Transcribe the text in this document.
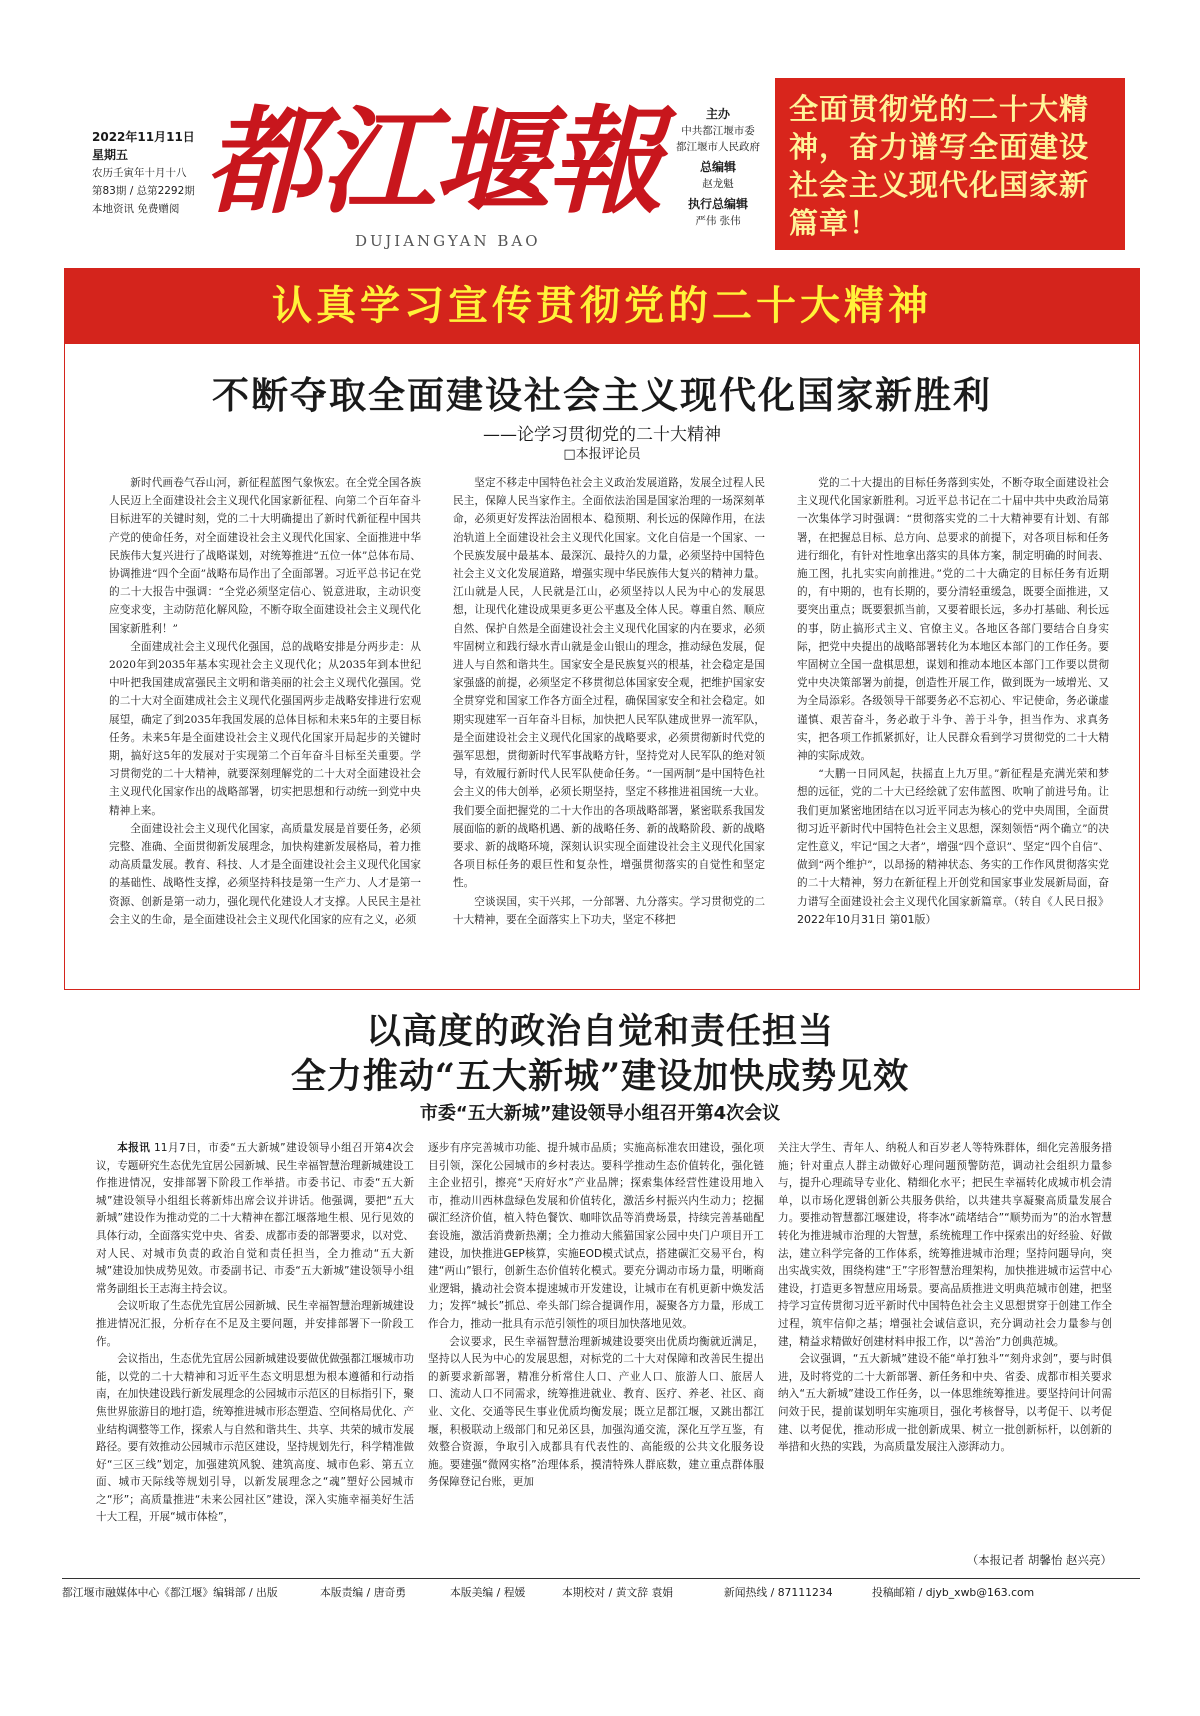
2022年11月11日
星期五
农历壬寅年十月十八
第83期 / 总第2292期
本地资讯 免费赠阅 都江堰報
DUJIANGYAN BAO
主办
中共都江堰市委
都江堰市人民政府
总编辑
赵龙魁
执行总编辑
严伟 张伟
全面贯彻党的二十大精神，奋力谱写全面建设社会主义现代化国家新篇章！
认真学习宣传贯彻党的二十大精神
不断夺取全面建设社会主义现代化国家新胜利
——论学习贯彻党的二十大精神
□本报评论员

新时代画卷气吞山河，新征程蓝图气象恢宏。在全党全国各族人民迈上全面建设社会主义现代化国家新征程、向第二个百年奋斗目标进军的关键时刻，党的二十大明确提出了新时代新征程中国共产党的使命任务，对全面建设社会主义现代化国家、全面推进中华民族伟大复兴进行了战略谋划，对统筹推进“五位一体”总体布局、协调推进“四个全面”战略布局作出了全面部署。习近平总书记在党的二十大报告中强调：“全党必须坚定信心、锐意进取，主动识变应变求变，主动防范化解风险，不断夺取全面建设社会主义现代化国家新胜利！”

全面建成社会主义现代化强国，总的战略安排是分两步走：从2020年到2035年基本实现社会主义现代化；从2035年到本世纪中叶把我国建成富强民主文明和谐美丽的社会主义现代化强国。党的二十大对全面建成社会主义现代化强国两步走战略安排进行宏观展望，确定了到2035年我国发展的总体目标和未来5年的主要目标任务。未来5年是全面建设社会主义现代化国家开局起步的关键时期，搞好这5年的发展对于实现第二个百年奋斗目标至关重要。学习贯彻党的二十大精神，就要深刻理解党的二十大对全面建设社会主义现代化国家作出的战略部署，切实把思想和行动统一到党中央精神上来。

全面建设社会主义现代化国家，高质量发展是首要任务，必须完整、准确、全面贯彻新发展理念，加快构建新发展格局，着力推动高质量发展。教育、科技、人才是全面建设社会主义现代化国家的基础性、战略性支撑，必须坚持科技是第一生产力、人才是第一资源、创新是第一动力，强化现代化建设人才支撑。人民民主是社会主义的生命，是全面建设社会主义现代化国家的应有之义，必须

坚定不移走中国特色社会主义政治发展道路，发展全过程人民民主，保障人民当家作主。全面依法治国是国家治理的一场深刻革命，必须更好发挥法治固根本、稳预期、利长远的保障作用，在法治轨道上全面建设社会主义现代化国家。文化自信是一个国家、一个民族发展中最基本、最深沉、最持久的力量，必须坚持中国特色社会主义文化发展道路，增强实现中华民族伟大复兴的精神力量。江山就是人民，人民就是江山，必须坚持以人民为中心的发展思想，让现代化建设成果更多更公平惠及全体人民。尊重自然、顺应自然、保护自然是全面建设社会主义现代化国家的内在要求，必须牢固树立和践行绿水青山就是金山银山的理念，推动绿色发展，促进人与自然和谐共生。国家安全是民族复兴的根基，社会稳定是国家强盛的前提，必须坚定不移贯彻总体国家安全观，把维护国家安全贯穿党和国家工作各方面全过程，确保国家安全和社会稳定。如期实现建军一百年奋斗目标，加快把人民军队建成世界一流军队，是全面建设社会主义现代化国家的战略要求，必须贯彻新时代党的强军思想，贯彻新时代军事战略方针，坚持党对人民军队的绝对领导，有效履行新时代人民军队使命任务。“一国两制”是中国特色社会主义的伟大创举，必须长期坚持，坚定不移推进祖国统一大业。我们要全面把握党的二十大作出的各项战略部署，紧密联系我国发展面临的新的战略机遇、新的战略任务、新的战略阶段、新的战略要求、新的战略环境，深刻认识实现全面建设社会主义现代化国家各项目标任务的艰巨性和复杂性，增强贯彻落实的自觉性和坚定性。

空谈误国，实干兴邦，一分部署、九分落实。学习贯彻党的二十大精神，要在全面落实上下功夫，坚定不移把

党的二十大提出的目标任务落到实处，不断夺取全面建设社会主义现代化国家新胜利。习近平总书记在二十届中共中央政治局第一次集体学习时强调：“贯彻落实党的二十大精神要有计划、有部署，在把握总目标、总方向、总要求的前提下，对各项目标和任务进行细化，有针对性地拿出落实的具体方案，制定明确的时间表、施工图，扎扎实实向前推进。”党的二十大确定的目标任务有近期的，有中期的，也有长期的，要分清轻重缓急，既要全面推进，又要突出重点；既要狠抓当前，又要着眼长远，多办打基础、利长远的事，防止搞形式主义、官僚主义。各地区各部门要结合自身实际，把党中央提出的战略部署转化为本地区本部门的工作任务。要牢固树立全国一盘棋思想，谋划和推动本地区本部门工作要以贯彻党中央决策部署为前提，创造性开展工作，做到既为一域增光、又为全局添彩。各级领导干部要务必不忘初心、牢记使命，务必谦虚谨慎、艰苦奋斗，务必敢于斗争、善于斗争，担当作为、求真务实，把各项工作抓紧抓好，让人民群众看到学习贯彻党的二十大精神的实际成效。

“大鹏一日同风起，扶摇直上九万里。”新征程是充满光荣和梦想的远征，党的二十大已经绘就了宏伟蓝图、吹响了前进号角。让我们更加紧密地团结在以习近平同志为核心的党中央周围，全面贯彻习近平新时代中国特色社会主义思想，深刻领悟“两个确立”的决定性意义，牢记“国之大者”，增强“四个意识”、坚定“四个自信”、做到“两个维护”，以昂扬的精神状态、务实的工作作风贯彻落实党的二十大精神，努力在新征程上开创党和国家事业发展新局面，奋力谱写全面建设社会主义现代化国家新篇章。（转自《人民日报》2022年10月31日 第01版）

以高度的政治自觉和责任担当
全力推动“五大新城”建设加快成势见效
市委“五大新城”建设领导小组召开第4次会议

本报讯 11月7日，市委“五大新城”建设领导小组召开第4次会议，专题研究生态优先宜居公园新城、民生幸福智慧治理新城建设工作推进情况，安排部署下阶段工作举措。市委书记、市委“五大新城”建设领导小组组长蒋新炜出席会议并讲话。他强调，要把“五大新城”建设作为推动党的二十大精神在都江堰落地生根、见行见效的具体行动，全面落实党中央、省委、成都市委的部署要求，以对党、对人民、对城市负责的政治自觉和责任担当，全力推动“五大新城”建设加快成势见效。市委副书记、市委“五大新城”建设领导小组常务副组长王志海主持会议。

会议听取了生态优先宜居公园新城、民生幸福智慧治理新城建设推进情况汇报，分析存在不足及主要问题，并安排部署下一阶段工作。

会议指出，生态优先宜居公园新城建设要做优做强都江堰城市功能，以党的二十大精神和习近平生态文明思想为根本遵循和行动指南，在加快建设践行新发展理念的公园城市示范区的目标指引下，聚焦世界旅游目的地打造，统筹推进城市形态塑造、空间格局优化、产业结构调整等工作，探索人与自然和谐共生、共享、共荣的城市发展路径。要有效推动公园城市示范区建设，坚持规划先行，科学精准做好“三区三线”划定，加强建筑风貌、建筑高度、城市色彩、第五立面、城市天际线等规划引导，以新发展理念之“魂”塑好公园城市之“形”；高质量推进“未来公园社区”建设，深入实施幸福美好生活十大工程，开展“城市体检”，

逐步有序完善城市功能、提升城市品质；实施高标准农田建设，强化项目引领，深化公园城市的乡村表达。要科学推动生态价值转化，强化链主企业招引，擦亮“天府好水”产业品牌；探索集体经营性建设用地入市，推动川西林盘绿色发展和价值转化，激活乡村振兴内生动力；挖掘碳汇经济价值，植入特色餐饮、咖啡饮品等消费场景，持续完善基础配套设施，激活消费新热潮；全力推动大熊猫国家公园中央门户项目开工建设，加快推进GEP核算，实施EOD模式试点，搭建碳汇交易平台，构建“两山”银行，创新生态价值转化模式。要充分调动市场力量，明晰商业逻辑，撬动社会资本提速城市开发建设，让城市在有机更新中焕发活力；发挥“城长”抓总、牵头部门综合提调作用，凝聚各方力量，形成工作合力，推动一批具有示范引领性的项目加快落地见效。

会议要求，民生幸福智慧治理新城建设要突出优质均衡就近满足，坚持以人民为中心的发展思想，对标党的二十大对保障和改善民生提出的新要求新部署，精准分析常住人口、产业人口、旅游人口、旅居人口、流动人口不同需求，统筹推进就业、教育、医疗、养老、社区、商业、文化、交通等民生事业优质均衡发展；既立足都江堰，又跳出都江堰，积极联动上级部门和兄弟区县，加强沟通交流，深化互学互鉴，有效整合资源，争取引入成都具有代表性的、高能级的公共文化服务设施。要建强“微网实格”治理体系，摸清特殊人群底数，建立重点群体服务保障登记台账，更加

关注大学生、青年人、纳税人和百岁老人等特殊群体，细化完善服务措施；针对重点人群主动做好心理问题预警防范，调动社会组织力量参与，提升心理疏导专业化、精细化水平；把民生幸福转化成城市机会清单，以市场化逻辑创新公共服务供给，以共建共享凝聚高质量发展合力。要推动智慧都江堰建设，将李冰“疏堵结合”“顺势而为”的治水智慧转化为推进城市治理的大智慧，系统梳理工作中探索出的好经验、好做法，建立科学完备的工作体系，统筹推进城市治理；坚持问题导向，突出实战实效，围绕构建“王”字形智慧治理架构，加快推进城市运营中心建设，打造更多智慧应用场景。要高品质推进文明典范城市创建，把坚持学习宣传贯彻习近平新时代中国特色社会主义思想贯穿于创建工作全过程，筑牢信仰之基；增强社会诚信意识，充分调动社会力量参与创建，精益求精做好创建材料申报工作，以“善治”力创典范城。

会议强调，“五大新城”建设不能“单打独斗”“刻舟求剑”，要与时俱进，及时将党的二十大新部署、新任务和中央、省委、成都市相关要求纳入“五大新城”建设工作任务，以一体思维统筹推进。要坚持问计问需问效于民，提前谋划明年实施项目，强化考核督导，以考促干、以考促建、以考促优，推动形成一批创新成果、树立一批创新标杆，以创新的举措和火热的实践，为高质量发展注入澎湃动力。

（本报记者 胡馨怡 赵兴亮）
都江堰市融媒体中心《都江堰》编辑部 / 出版	本版责编 / 唐奇勇	本版美编 / 程媛	本期校对 / 黄文辞 袁娟	新闻热线 / 87111234	投稿邮箱 / djyb_xwb@163.com
